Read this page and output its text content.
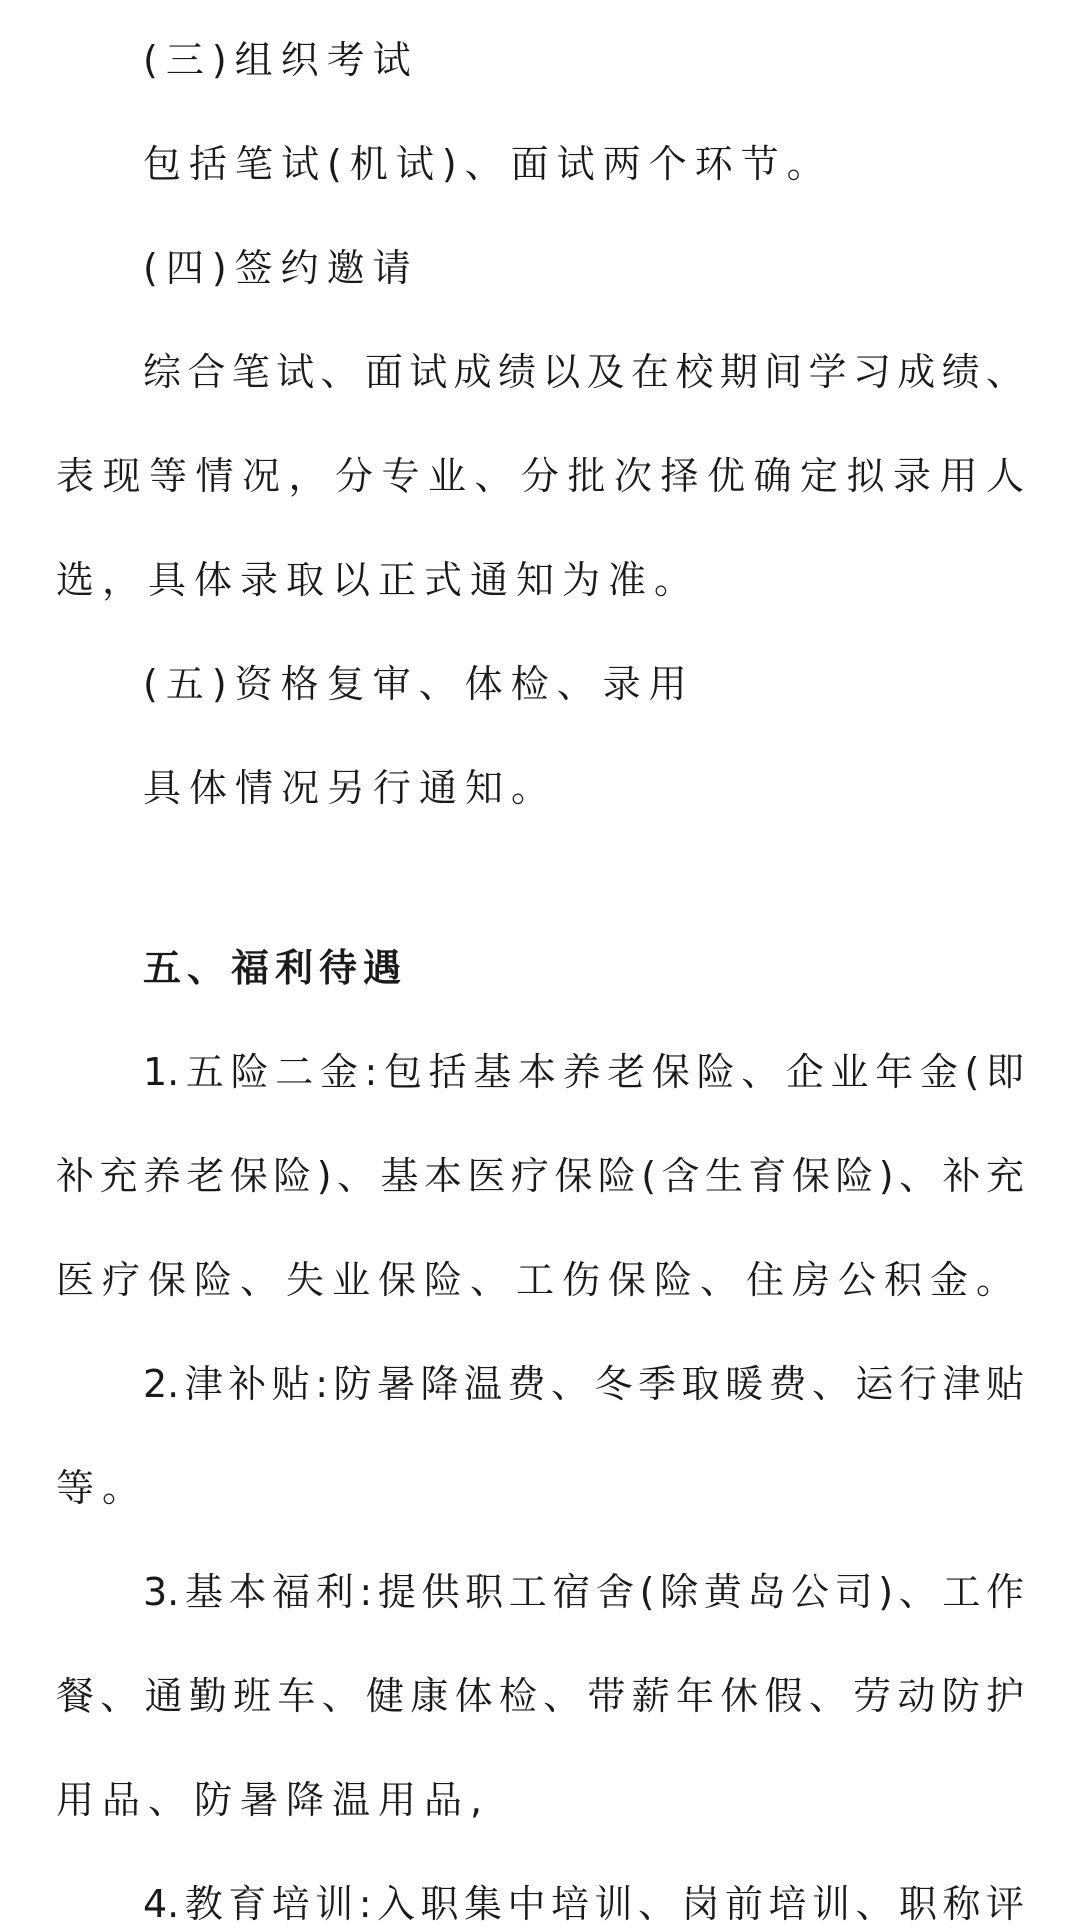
(三)组织考试
包括笔试(机试)、面试两个环节。
(四)签约邀请
综合笔试、面试成绩以及在校期间学习成绩、
表现等情况，分专业、分批次择优确定拟录用人
选，具体录取以正式通知为准。
(五)资格复审、体检、录用
具体情况另行通知。
五、福利待遇
1.五险二金:包括基本养老保险、企业年金(即
补充养老保险)、基本医疗保险(含生育保险)、补充
医疗保险、失业保险、工伤保险、住房公积金。
2.津补贴:防暑降温费、冬季取暖费、运行津贴
等。
3.基本福利:提供职工宿舍(除黄岛公司)、工作
餐、通勤班车、健康体检、带薪年休假、劳动防护
用品、防暑降温用品,
4.教育培训:入职集中培训、岗前培训、职称评
